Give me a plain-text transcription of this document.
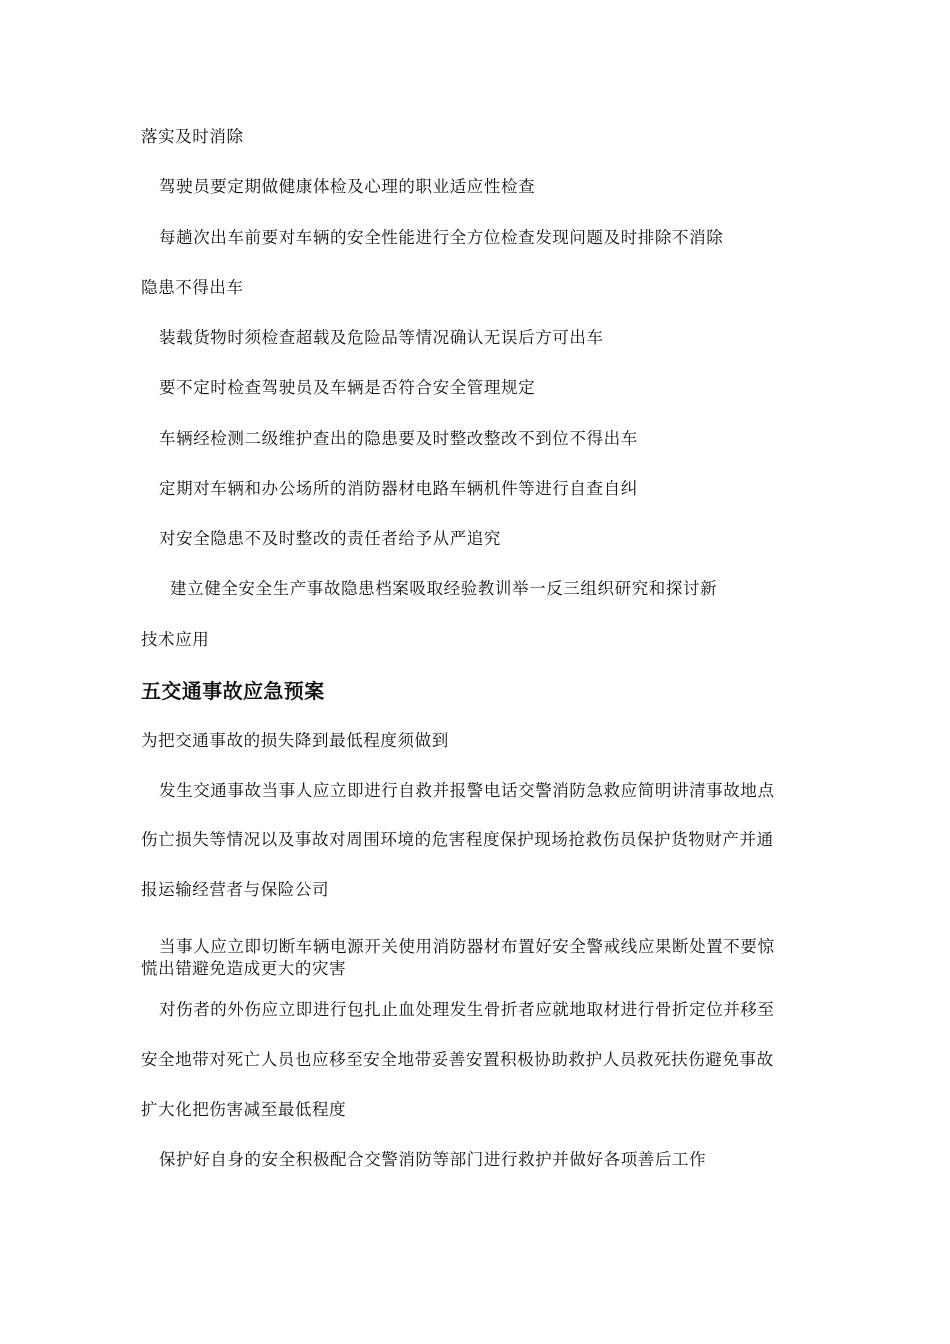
落实及时消除
驾驶员要定期做健康体检及心理的职业适应性检查
每趟次出车前要对车辆的安全性能进行全方位检查发现问题及时排除不消除
隐患不得出车
装载货物时须检查超载及危险品等情况确认无误后方可出车
要不定时检查驾驶员及车辆是否符合安全管理规定
车辆经检测二级维护查出的隐患要及时整改整改不到位不得出车
定期对车辆和办公场所的消防器材电路车辆机件等进行自查自纠
对安全隐患不及时整改的责任者给予从严追究
建立健全安全生产事故隐患档案吸取经验教训举一反三组织研究和探讨新
技术应用
五交通事故应急预案
为把交通事故的损失降到最低程度须做到
发生交通事故当事人应立即进行自救并报警电话交警消防急救应简明讲清事故地点
伤亡损失等情况以及事故对周围环境的危害程度保护现场抢救伤员保护货物财产并通
报运输经营者与保险公司
当事人应立即切断车辆电源开关使用消防器材布置好安全警戒线应果断处置不要惊
慌出错避免造成更大的灾害
对伤者的外伤应立即进行包扎止血处理发生骨折者应就地取材进行骨折定位并移至
安全地带对死亡人员也应移至安全地带妥善安置积极协助救护人员救死扶伤避免事故
扩大化把伤害减至最低程度
保护好自身的安全积极配合交警消防等部门进行救护并做好各项善后工作
